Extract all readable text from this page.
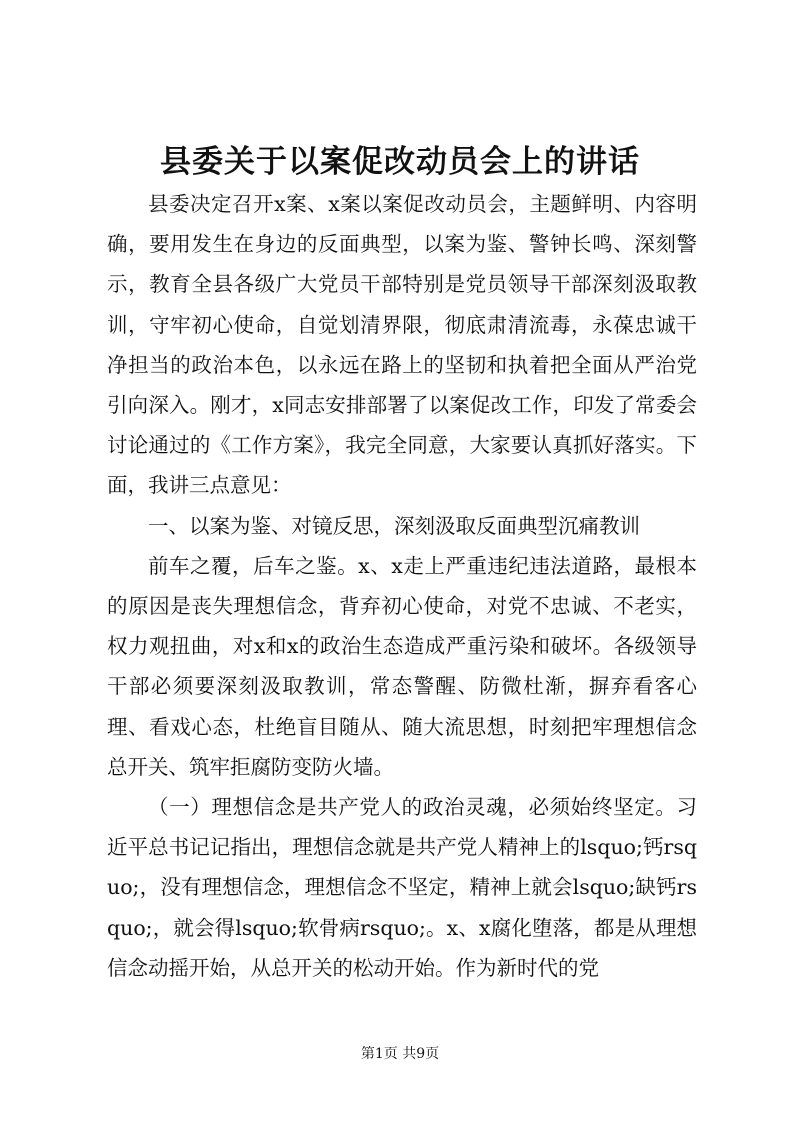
县委关于以案促改动员会上的讲话

县委决定召开x案、x案以案促改动员会，主题鲜明、内容明确，要用发生在身边的反面典型，以案为鉴、警钟长鸣、深刻警示，教育全县各级广大党员干部特别是党员领导干部深刻汲取教训，守牢初心使命，自觉划清界限，彻底肃清流毒，永葆忠诚干净担当的政治本色，以永远在路上的坚韧和执着把全面从严治党引向深入。刚才，x同志安排部署了以案促改工作，印发了常委会讨论通过的《工作方案》，我完全同意，大家要认真抓好落实。下面，我讲三点意见：

一、以案为鉴、对镜反思，深刻汲取反面典型沉痛教训

前车之覆，后车之鉴。x、x走上严重违纪违法道路，最根本的原因是丧失理想信念，背弃初心使命，对党不忠诚、不老实，权力观扭曲，对x和x的政治生态造成严重污染和破坏。各级领导干部必须要深刻汲取教训，常态警醒、防微杜渐，摒弃看客心理、看戏心态，杜绝盲目随从、随大流思想，时刻把牢理想信念总开关、筑牢拒腐防变防火墙。

（一）理想信念是共产党人的政治灵魂，必须始终坚定。习近平总书记记指出，理想信念就是共产党人精神上的lsquo;钙rsquo;，没有理想信念，理想信念不坚定，精神上就会lsquo;缺钙rsquo;，就会得lsquo;软骨病rsquo;。x、x腐化堕落，都是从理想信念动摇开始，从总开关的松动开始。作为新时代的党

第1页 共9页
